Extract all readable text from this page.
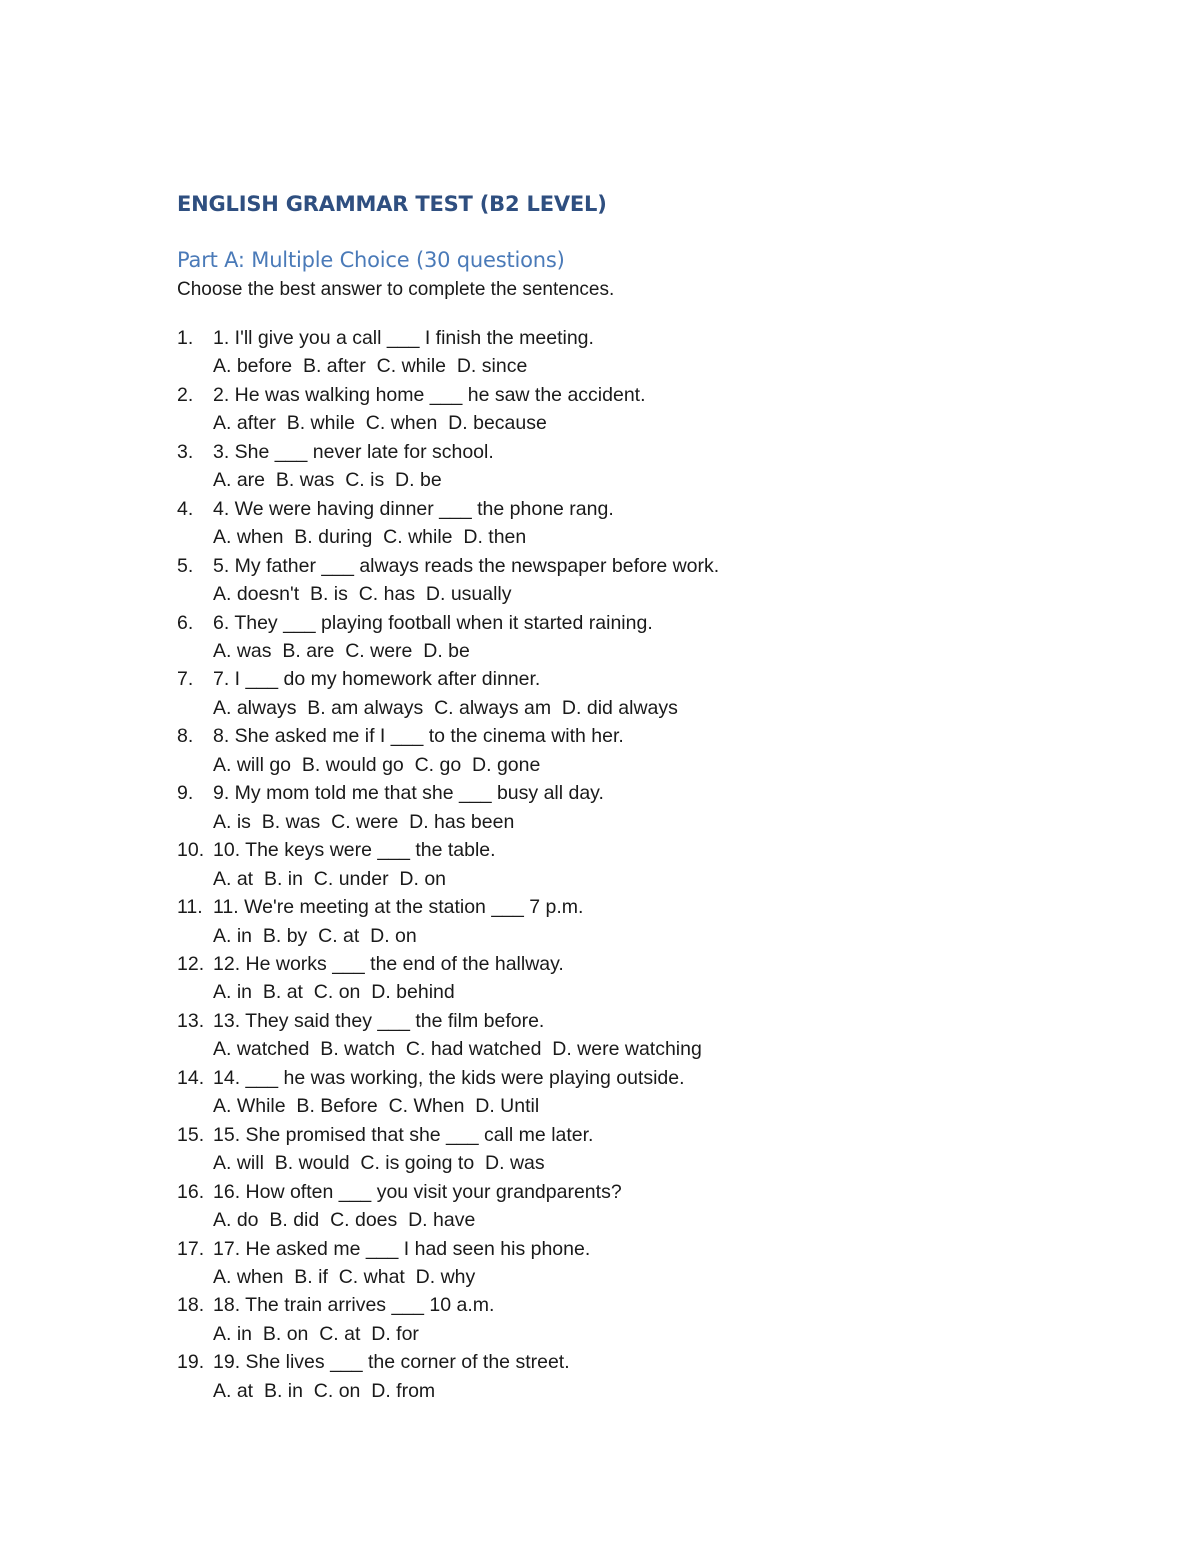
ENGLISH GRAMMAR TEST (B2 LEVEL)
Part A: Multiple Choice (30 questions)
Choose the best answer to complete the sentences.
1. 1. I'll give you a call ___ I finish the meeting.
A. before  B. after  C. while  D. since
2. 2. He was walking home ___ he saw the accident.
A. after  B. while  C. when  D. because
3. 3. She ___ never late for school.
A. are  B. was  C. is  D. be
4. 4. We were having dinner ___ the phone rang.
A. when  B. during  C. while  D. then
5. 5. My father ___ always reads the newspaper before work.
A. doesn't  B. is  C. has  D. usually
6. 6. They ___ playing football when it started raining.
A. was  B. are  C. were  D. be
7. 7. I ___ do my homework after dinner.
A. always  B. am always  C. always am  D. did always
8. 8. She asked me if I ___ to the cinema with her.
A. will go  B. would go  C. go  D. gone
9. 9. My mom told me that she ___ busy all day.
A. is  B. was  C. were  D. has been
10. 10. The keys were ___ the table.
A. at  B. in  C. under  D. on
11. 11. We're meeting at the station ___ 7 p.m.
A. in  B. by  C. at  D. on
12. 12. He works ___ the end of the hallway.
A. in  B. at  C. on  D. behind
13. 13. They said they ___ the film before.
A. watched  B. watch  C. had watched  D. were watching
14. 14. ___ he was working, the kids were playing outside.
A. While  B. Before  C. When  D. Until
15. 15. She promised that she ___ call me later.
A. will  B. would  C. is going to  D. was
16. 16. How often ___ you visit your grandparents?
A. do  B. did  C. does  D. have
17. 17. He asked me ___ I had seen his phone.
A. when  B. if  C. what  D. why
18. 18. The train arrives ___ 10 a.m.
A. in  B. on  C. at  D. for
19. 19. She lives ___ the corner of the street.
A. at  B. in  C. on  D. from
